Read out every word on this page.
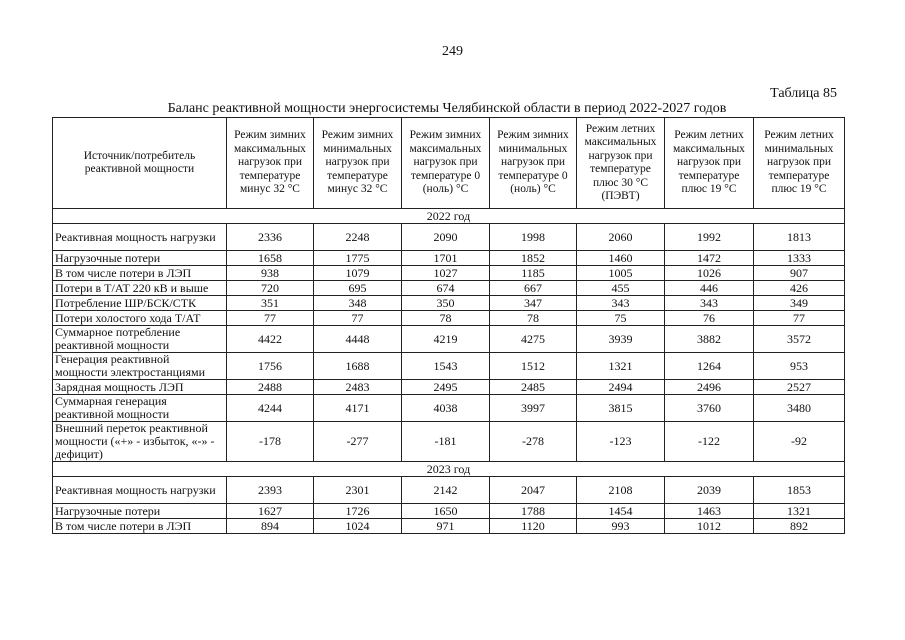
249
Таблица 85
Баланс реактивной мощности энергосистемы Челябинской области в период 2022-2027 годов
Источник/потребитель реактивной мощности	Режим зимних максимальных нагрузок при температуре минус 32 °С	Режим зимних минимальных нагрузок при температуре минус 32 °С	Режим зимних максимальных нагрузок при температуре 0 (ноль) °С	Режим зимних минимальных нагрузок при температуре 0 (ноль) °С	Режим летних максимальных нагрузок при температуре плюс 30 °С (ПЭВТ)	Режим летних максимальных нагрузок при температуре плюс 19 °С	Режим летних минимальных нагрузок при температуре плюс 19 °С
2022 год							
Реактивная мощность нагрузки	2336	2248	2090	1998	2060	1992	1813
Нагрузочные потери	1658	1775	1701	1852	1460	1472	1333
В том числе потери в ЛЭП	938	1079	1027	1185	1005	1026	907
Потери в Т/АТ 220 кВ и выше	720	695	674	667	455	446	426
Потребление ШР/БСК/СТК	351	348	350	347	343	343	349
Потери холостого хода Т/АТ	77	77	78	78	75	76	77
Суммарное потребление реактивной мощности	4422	4448	4219	4275	3939	3882	3572
Генерация реактивной мощности электростанциями	1756	1688	1543	1512	1321	1264	953
Зарядная мощность ЛЭП	2488	2483	2495	2485	2494	2496	2527
Суммарная генерация реактивной мощности	4244	4171	4038	3997	3815	3760	3480
Внешний переток реактивной мощности («+» - избыток, «-» - дефицит)	-178	-277	-181	-278	-123	-122	-92
2023 год							
Реактивная мощность нагрузки	2393	2301	2142	2047	2108	2039	1853
Нагрузочные потери	1627	1726	1650	1788	1454	1463	1321
В том числе потери в ЛЭП	894	1024	971	1120	993	1012	892
